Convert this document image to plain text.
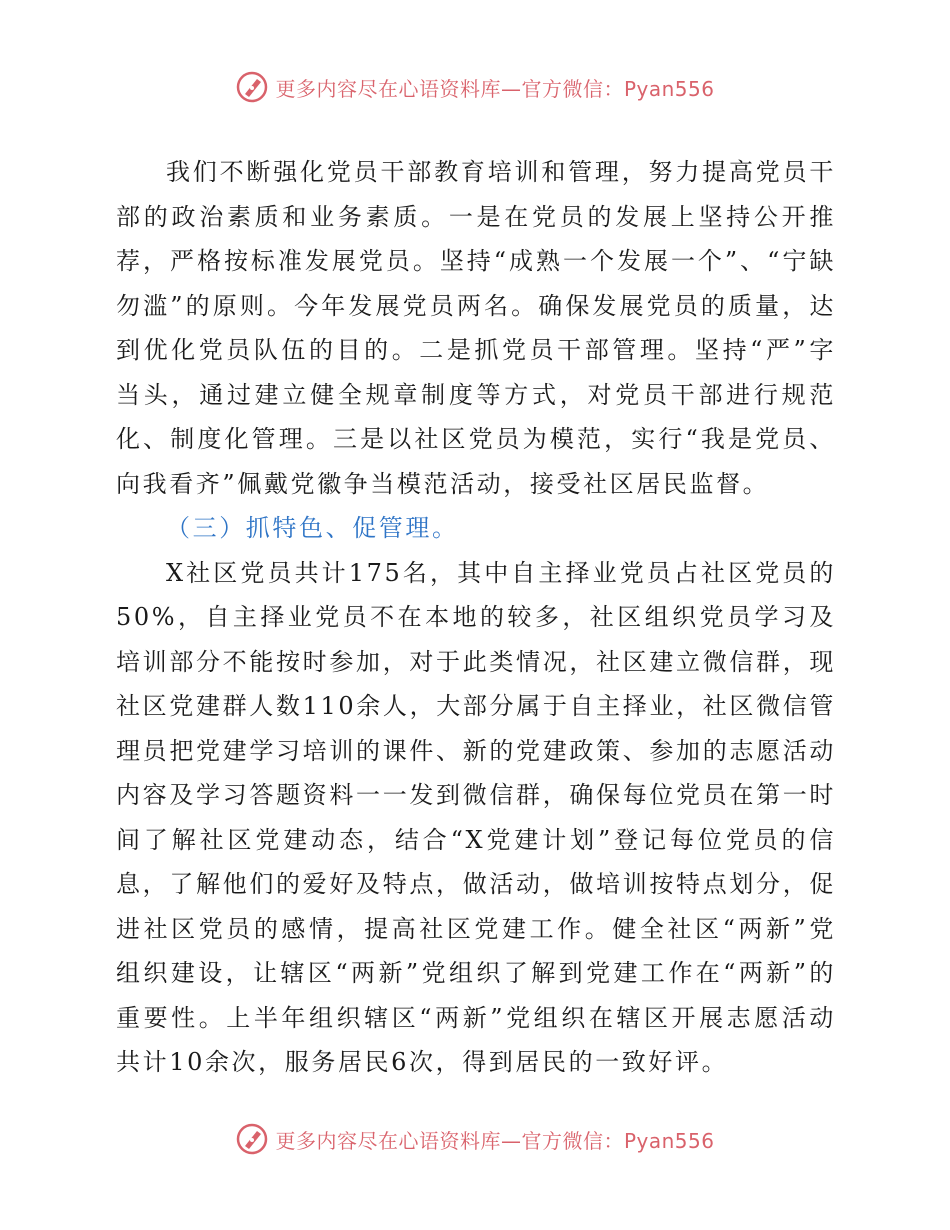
更多内容尽在心语资料库—官方微信：Pyan556

我们不断强化党员干部教育培训和管理，努力提高党员干部的政治素质和业务素质。一是在党员的发展上坚持公开推荐，严格按标准发展党员。坚持“成熟一个发展一个”、“宁缺勿滥”的原则。今年发展党员两名。确保发展党员的质量，达到优化党员队伍的目的。二是抓党员干部管理。坚持“严”字当头，通过建立健全规章制度等方式，对党员干部进行规范化、制度化管理。三是以社区党员为模范，实行“我是党员、向我看齐”佩戴党徽争当模范活动，接受社区居民监督。

（三）抓特色、促管理。

X社区党员共计175名，其中自主择业党员占社区党员的50%，自主择业党员不在本地的较多，社区组织党员学习及培训部分不能按时参加，对于此类情况，社区建立微信群，现社区党建群人数110余人，大部分属于自主择业，社区微信管理员把党建学习培训的课件、新的党建政策、参加的志愿活动内容及学习答题资料一一发到微信群，确保每位党员在第一时间了解社区党建动态，结合“X党建计划”登记每位党员的信息，了解他们的爱好及特点，做活动，做培训按特点划分，促进社区党员的感情，提高社区党建工作。健全社区“两新”党组织建设，让辖区“两新”党组织了解到党建工作在“两新”的重要性。上半年组织辖区“两新”党组织在辖区开展志愿活动共计10余次，服务居民6次，得到居民的一致好评。

更多内容尽在心语资料库—官方微信：Pyan556
